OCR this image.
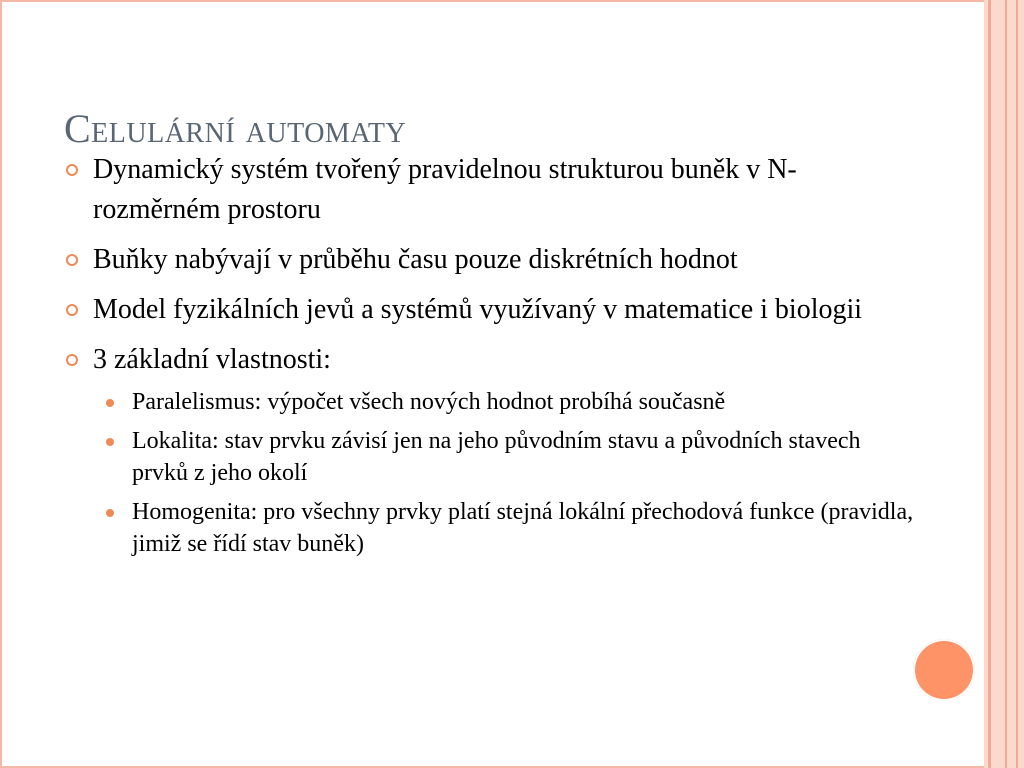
Celulární automaty
Dynamický systém tvořený pravidelnou strukturou buněk v N-rozměrném prostoru
Buňky nabývají v průběhu času pouze diskrétních hodnot
Model fyzikálních jevů a systémů využívaný v matematice i biologii
3 základní vlastnosti:
Paralelismus: výpočet všech nových hodnot probíhá současně
Lokalita: stav prvku závisí jen na jeho původním stavu a původních stavech prvků z jeho okolí
Homogenita: pro všechny prvky platí stejná lokální přechodová funkce (pravidla, jimiž se řídí stav buněk)
